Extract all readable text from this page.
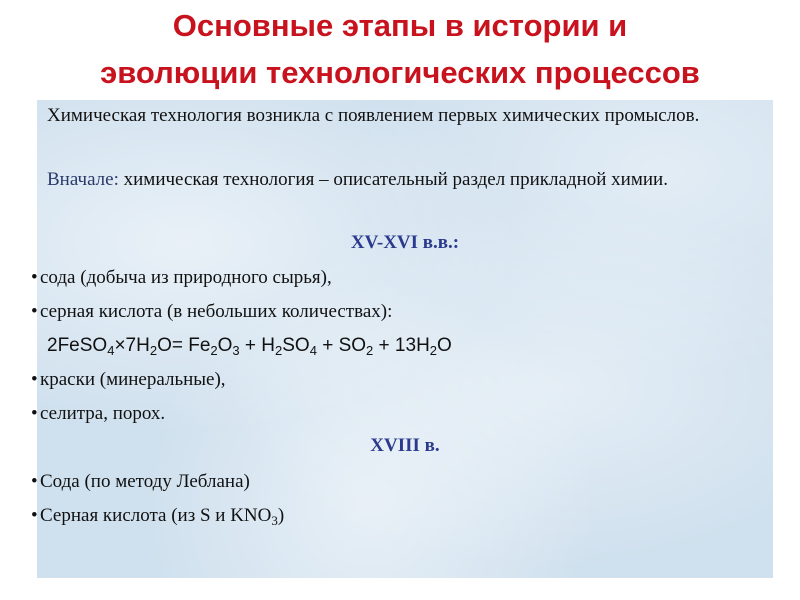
Основные этапы в истории и
эволюции технологических процессов
Химическая технология возникла с появлением первых химических промыслов.
Вначале: химическая технология – описательный раздел прикладной химии.
XV-XVI в.в.:
• сода (добыча из природного сырья),
• серная кислота (в небольших количествах):
$2FeSO_4\times 7H_2O= Fe_2O_3 + H_2SO_4 + SO_2 + 13H_2O$
• краски (минеральные),
• селитра, порох.
XVIII в.
• Сода (по методу Леблана)
• Серная кислота (из S и $KNO_3$)
